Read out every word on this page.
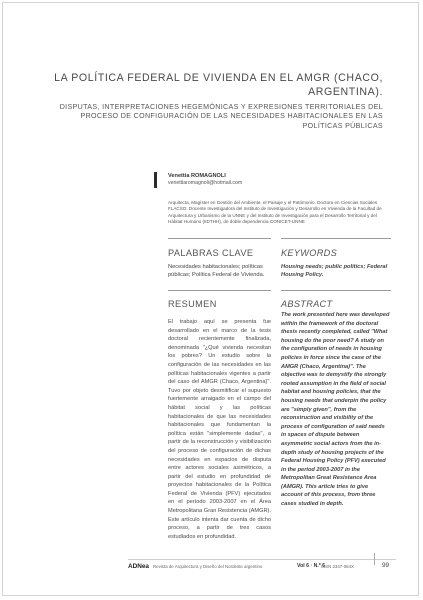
LA POLÍTICA FEDERAL DE VIVIENDA EN EL AMGR (CHACO, ARGENTINA).
DISPUTAS, INTERPRETACIONES HEGEMÓNICAS Y EXPRESIONES TERRITORIALES DEL PROCESO DE CONFIGURACIÓN DE LAS NECESIDADES HABITACIONALES EN LAS POLÍTICAS PÚBLICAS
Venettia ROMAGNOLI
venettiaromagnoli@hotmail.com
Arquitecta, Magíster en Gestión del Ambiente, el Paisaje y el Patrimonio. Doctora en Ciencias Sociales FLACSO. Docente Investigadora del Instituto de Investigación y Desarrollo en Vivienda de la Facultad de Arquitectura y Urbanismo de la UNNE y del Instituto de Investigación para el Desarrollo Territorial y del Hábitat Humano (IIDTHH), de doble dependencia CONICET-UNNE
PALABRAS CLAVE	KEYWORDS
Necesidades habitacionales; políticas públicas; Política Federal de Vivienda.
Housing needs; public politics; Federal Housing Policy.
RESUMEN	ABSTRACT
El trabajo aquí se presenta fue desarrollado en el marco de la tesis doctoral recientemente finalizada, denominada "¿Qué vivienda necesitan los pobres? Un estudio sobre la configuración de las necesidades en las políticas habitacionales vigentes a partir del caso del AMGR (Chaco, Argentina)". Tuvo por objeto desmitificar el supuesto fuertemente arraigado en el campo del hábitat social y las políticas habitacionales de que las necesidades habitacionales que fundamentan la política están "simplemente dadas", a partir de la reconstrucción y visibilización del proceso de configuración de dichas necesidades en espacios de disputa entre actores sociales asimétricos, a partir del estudio en profundidad de proyectos habitacionales de la Política Federal de Vivienda (PFV) ejecutados en el período 2003-2007 en el Área Metropolitana Gran Resistencia (AMGR). Este artículo intenta dar cuenta de dicho proceso, a partir de tres casos estudiados en profundidad.
The work presented here was developed within the framework of the doctoral thesis recently completed, called "What housing do the poor need? A study on the configuration of needs in housing policies in force since the case of the AMGR (Chaco, Argentina)". The objective was to demystify the strongly rooted assumption in the field of social habitat and housing policies, that the housing needs that underpin the policy are "simply given", from the reconstruction and visibility of the process of configuration of said needs in spaces of dispute between asymmetric social actors from the in-depth study of housing projects of the Federal Housing Policy (PFV) executed in the period 2003-2007 in the Metropolitan Great Resistance Area (AMGR). This article tries to give account of this process, from three cases studied in depth.
ADNea Revista de Arquitectura y Diseño del Nordeste argentino	Vol 6 · N.º 6
ISSN 2347-064X	99
